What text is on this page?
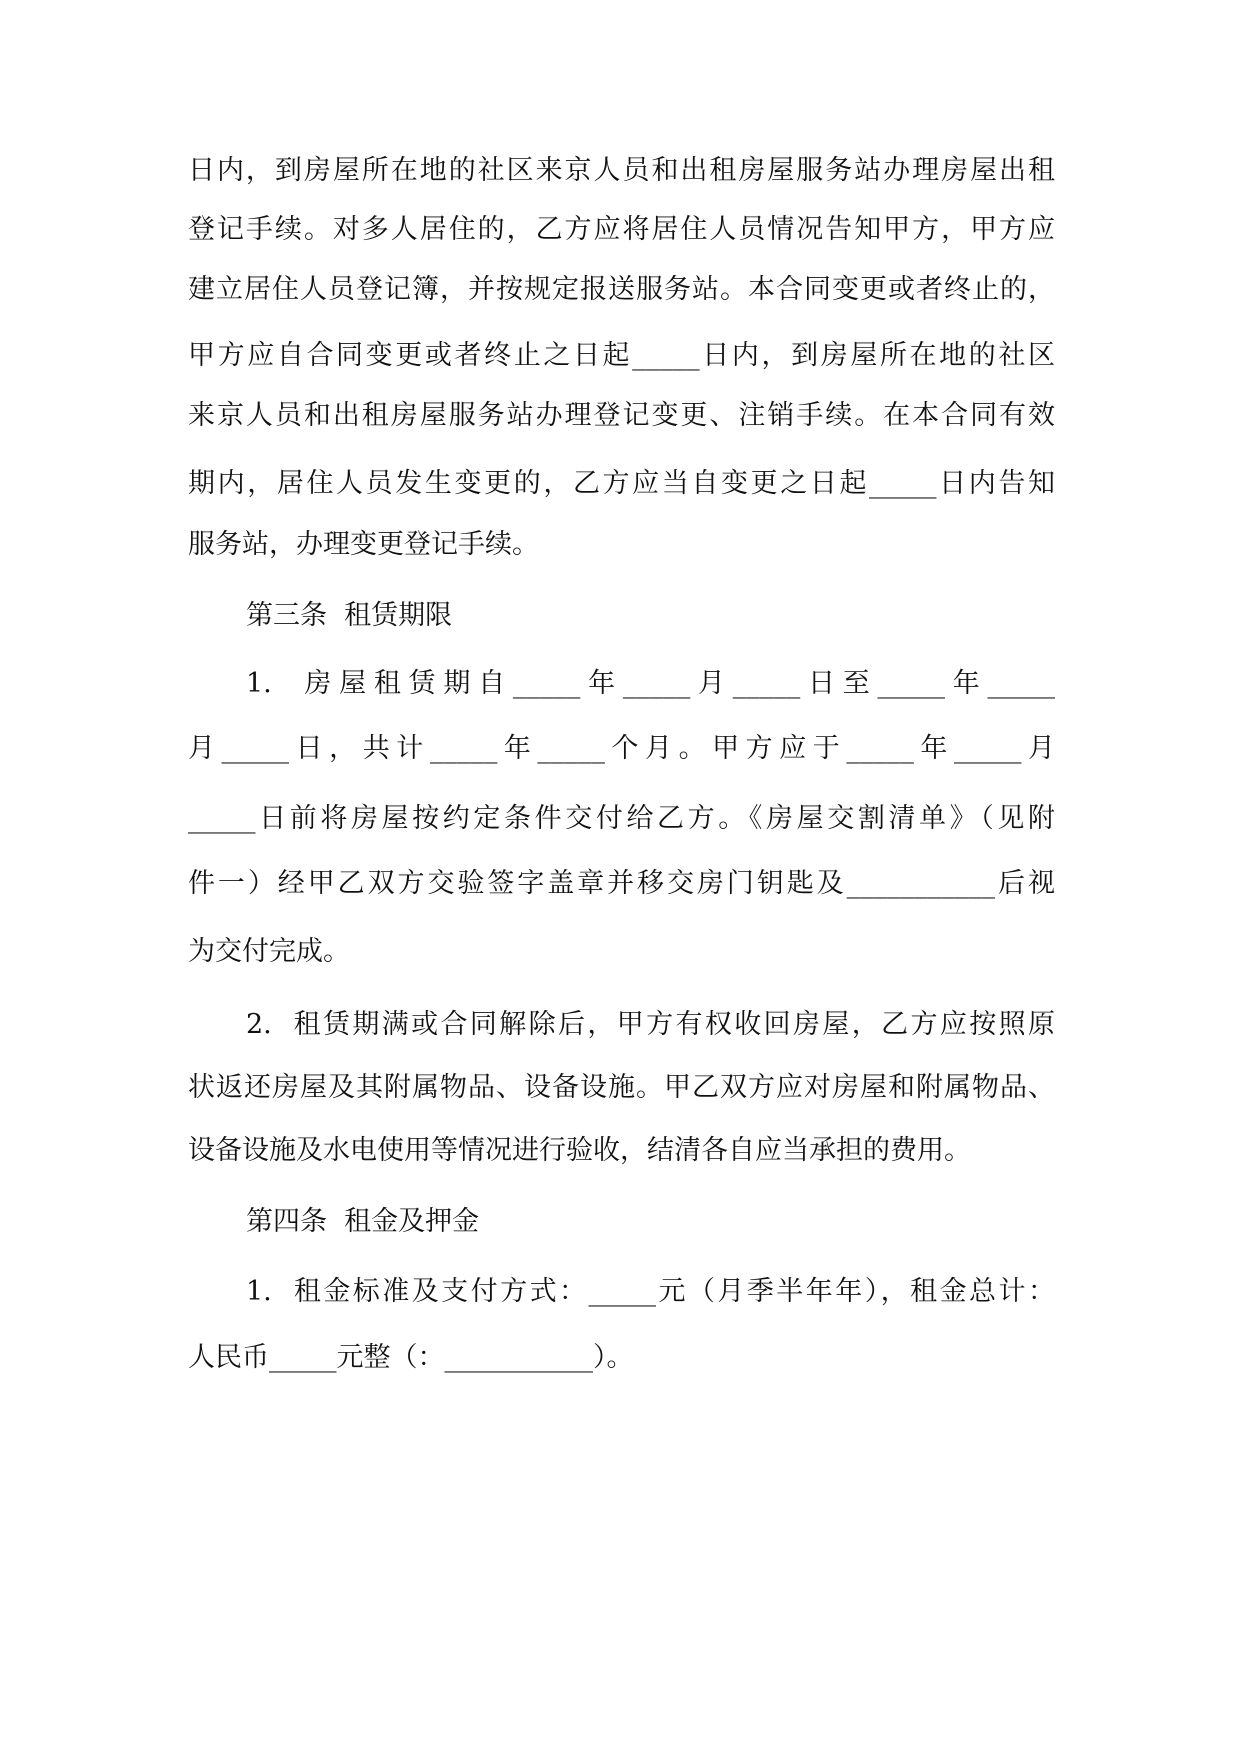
日内，到房屋所在地的社区来京人员和出租房屋服务站办理房屋出租
登记手续。对多人居住的，乙方应将居住人员情况告知甲方，甲方应
建立居住人员登记簿，并按规定报送服务站。本合同变更或者终止的，
甲方应自合同变更或者终止之日起_____日内，到房屋所在地的社区
来京人员和出租房屋服务站办理登记变更、注销手续。在本合同有效
期内，居住人员发生变更的，乙方应当自变更之日起_____日内告知
服务站，办理变更登记手续。
第三条  租赁期限
1.  房屋租赁期自_____年_____月_____日至_____年_____
月_____日，共计_____年_____个月。甲方应于_____年_____月
_____日前将房屋按约定条件交付给乙方。《房屋交割清单》（见附
件一）经甲乙双方交验签字盖章并移交房门钥匙及___________后视
为交付完成。
2.  租赁期满或合同解除后，甲方有权收回房屋，乙方应按照原
状返还房屋及其附属物品、设备设施。甲乙双方应对房屋和附属物品、
设备设施及水电使用等情况进行验收，结清各自应当承担的费用。
第四条  租金及押金
1.  租金标准及支付方式：_____元（月季半年年），租金总计：
人民币_____元整（：___________）。
